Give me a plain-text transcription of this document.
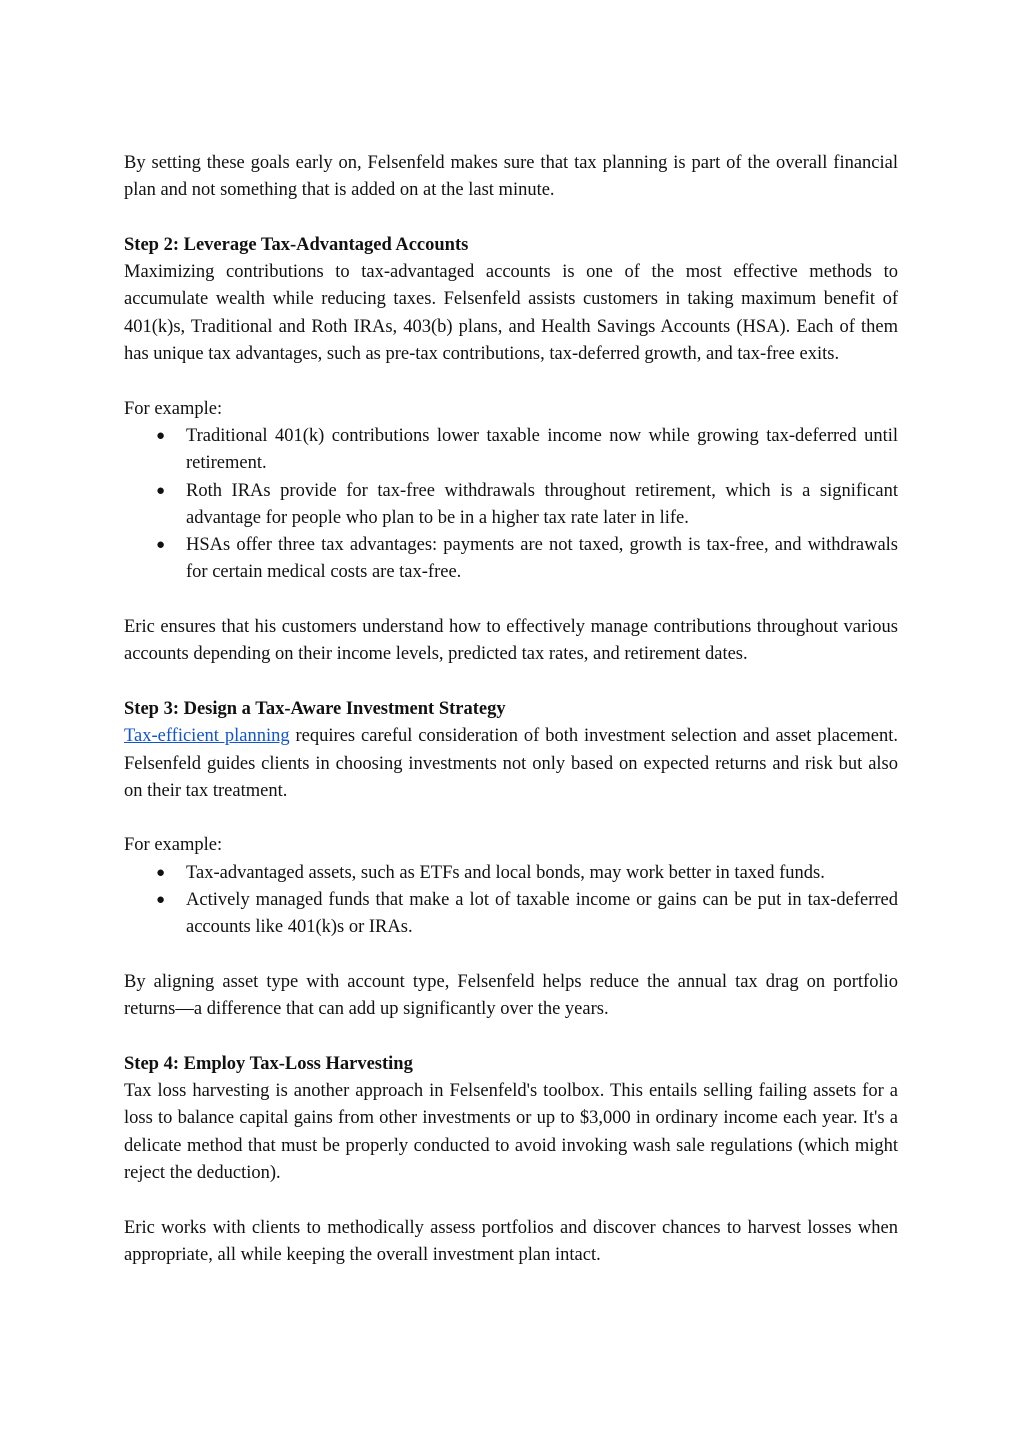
By setting these goals early on, Felsenfeld makes sure that tax planning is part of the overall financial plan and not something that is added on at the last minute.

Step 2: Leverage Tax-Advantaged Accounts

Maximizing contributions to tax-advantaged accounts is one of the most effective methods to accumulate wealth while reducing taxes. Felsenfeld assists customers in taking maximum benefit of 401(k)s, Traditional and Roth IRAs, 403(b) plans, and Health Savings Accounts (HSA). Each of them has unique tax advantages, such as pre-tax contributions, tax-deferred growth, and tax-free exits.

For example:

● Traditional 401(k) contributions lower taxable income now while growing tax-deferred until retirement.
● Roth IRAs provide for tax-free withdrawals throughout retirement, which is a significant advantage for people who plan to be in a higher tax rate later in life.
● HSAs offer three tax advantages: payments are not taxed, growth is tax-free, and withdrawals for certain medical costs are tax-free.

Eric ensures that his customers understand how to effectively manage contributions throughout various accounts depending on their income levels, predicted tax rates, and retirement dates.

Step 3: Design a Tax-Aware Investment Strategy

Tax-efficient planning requires careful consideration of both investment selection and asset placement. Felsenfeld guides clients in choosing investments not only based on expected returns and risk but also on their tax treatment.

For example:

● Tax-advantaged assets, such as ETFs and local bonds, may work better in taxed funds.
● Actively managed funds that make a lot of taxable income or gains can be put in tax-deferred accounts like 401(k)s or IRAs.

By aligning asset type with account type, Felsenfeld helps reduce the annual tax drag on portfolio returns—a difference that can add up significantly over the years.

Step 4: Employ Tax-Loss Harvesting

Tax loss harvesting is another approach in Felsenfeld's toolbox. This entails selling failing assets for a loss to balance capital gains from other investments or up to $3,000 in ordinary income each year. It's a delicate method that must be properly conducted to avoid invoking wash sale regulations (which might reject the deduction).

Eric works with clients to methodically assess portfolios and discover chances to harvest losses when appropriate, all while keeping the overall investment plan intact.
